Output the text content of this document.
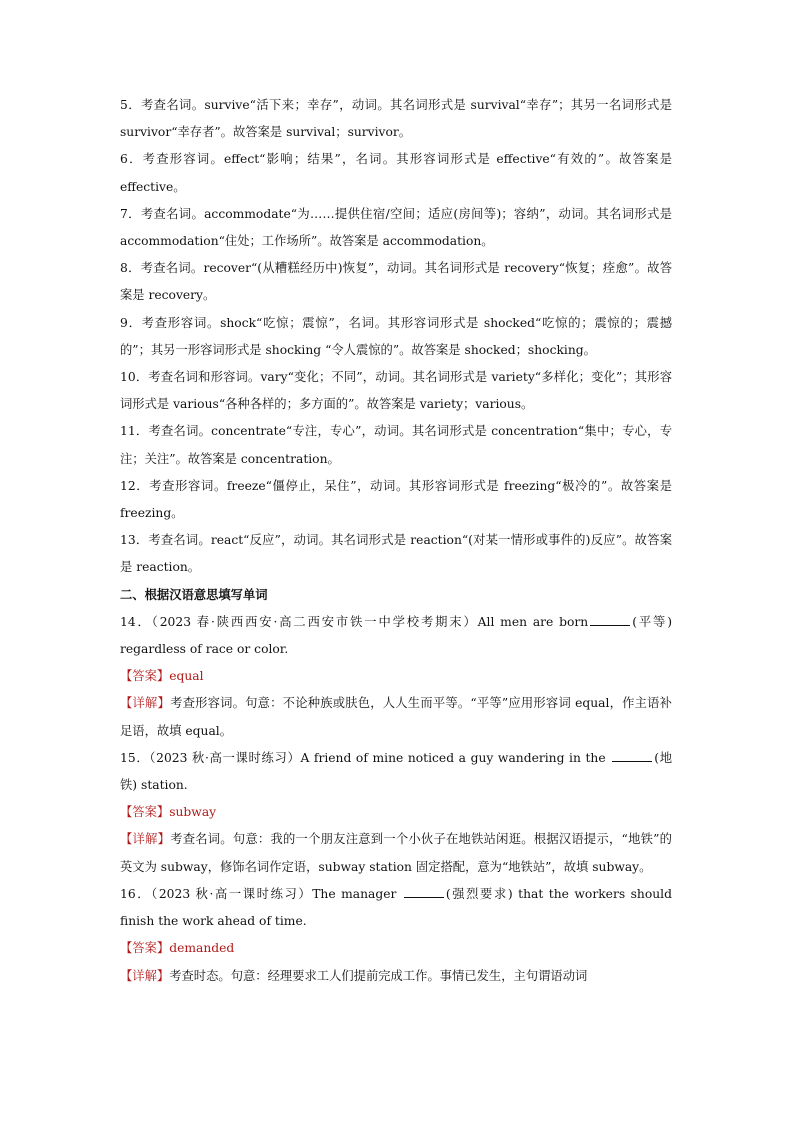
5．考查名词。survive“活下来；幸存”，动词。其名词形式是 survival“幸存”；其另一名词形式是 survivor“幸存者”。故答案是 survival；survivor。

6．考查形容词。effect“影响；结果”，名词。其形容词形式是 effective“有效的”。故答案是 effective。

7．考查名词。accommodate“为……提供住宿/空间；适应(房间等)；容纳”，动词。其名词形式是 accommodation“住处；工作场所”。故答案是 accommodation。

8．考查名词。recover“(从糟糕经历中)恢复”，动词。其名词形式是 recovery“恢复；痊愈”。故答案是 recovery。

9．考查形容词。shock“吃惊；震惊”，名词。其形容词形式是 shocked“吃惊的；震惊的；震撼的”；其另一形容词形式是 shocking “令人震惊的”。故答案是 shocked；shocking。

10．考查名词和形容词。vary“变化；不同”，动词。其名词形式是 variety“多样化；变化”；其形容词形式是 various“各种各样的；多方面的”。故答案是 variety；various。

11．考查名词。concentrate“专注，专心”，动词。其名词形式是 concentration“集中；专心，专注；关注”。故答案是 concentration。

12．考查形容词。freeze“僵停止，呆住”，动词。其形容词形式是 freezing“极冷的”。故答案是 freezing。

13．考查名词。react“反应”，动词。其名词形式是 reaction“(对某一情形或事件的)反应”。故答案是 reaction。

二、根据汉语意思填写单词

14．（2023 春·陕西西安·高二西安市铁一中学校考期末）All men are born	(平等) regardless of race or color.

【答案】equal

【详解】考查形容词。句意：不论种族或肤色，人人生而平等。“平等”应用形容词 equal，作主语补足语，故填 equal。

15．（2023 秋·高一课时练习）A friend of mine noticed a guy wandering in the	(地铁) station.

【答案】subway

【详解】考查名词。句意：我的一个朋友注意到一个小伙子在地铁站闲逛。根据汉语提示，“地铁”的英文为 subway，修饰名词作定语，subway station 固定搭配，意为“地铁站”，故填 subway。

16．（2023 秋·高一课时练习）The manager	(强烈要求) that the workers should finish the work ahead of time.

【答案】demanded

【详解】考查时态。句意：经理要求工人们提前完成工作。事情已发生，主句谓语动词
